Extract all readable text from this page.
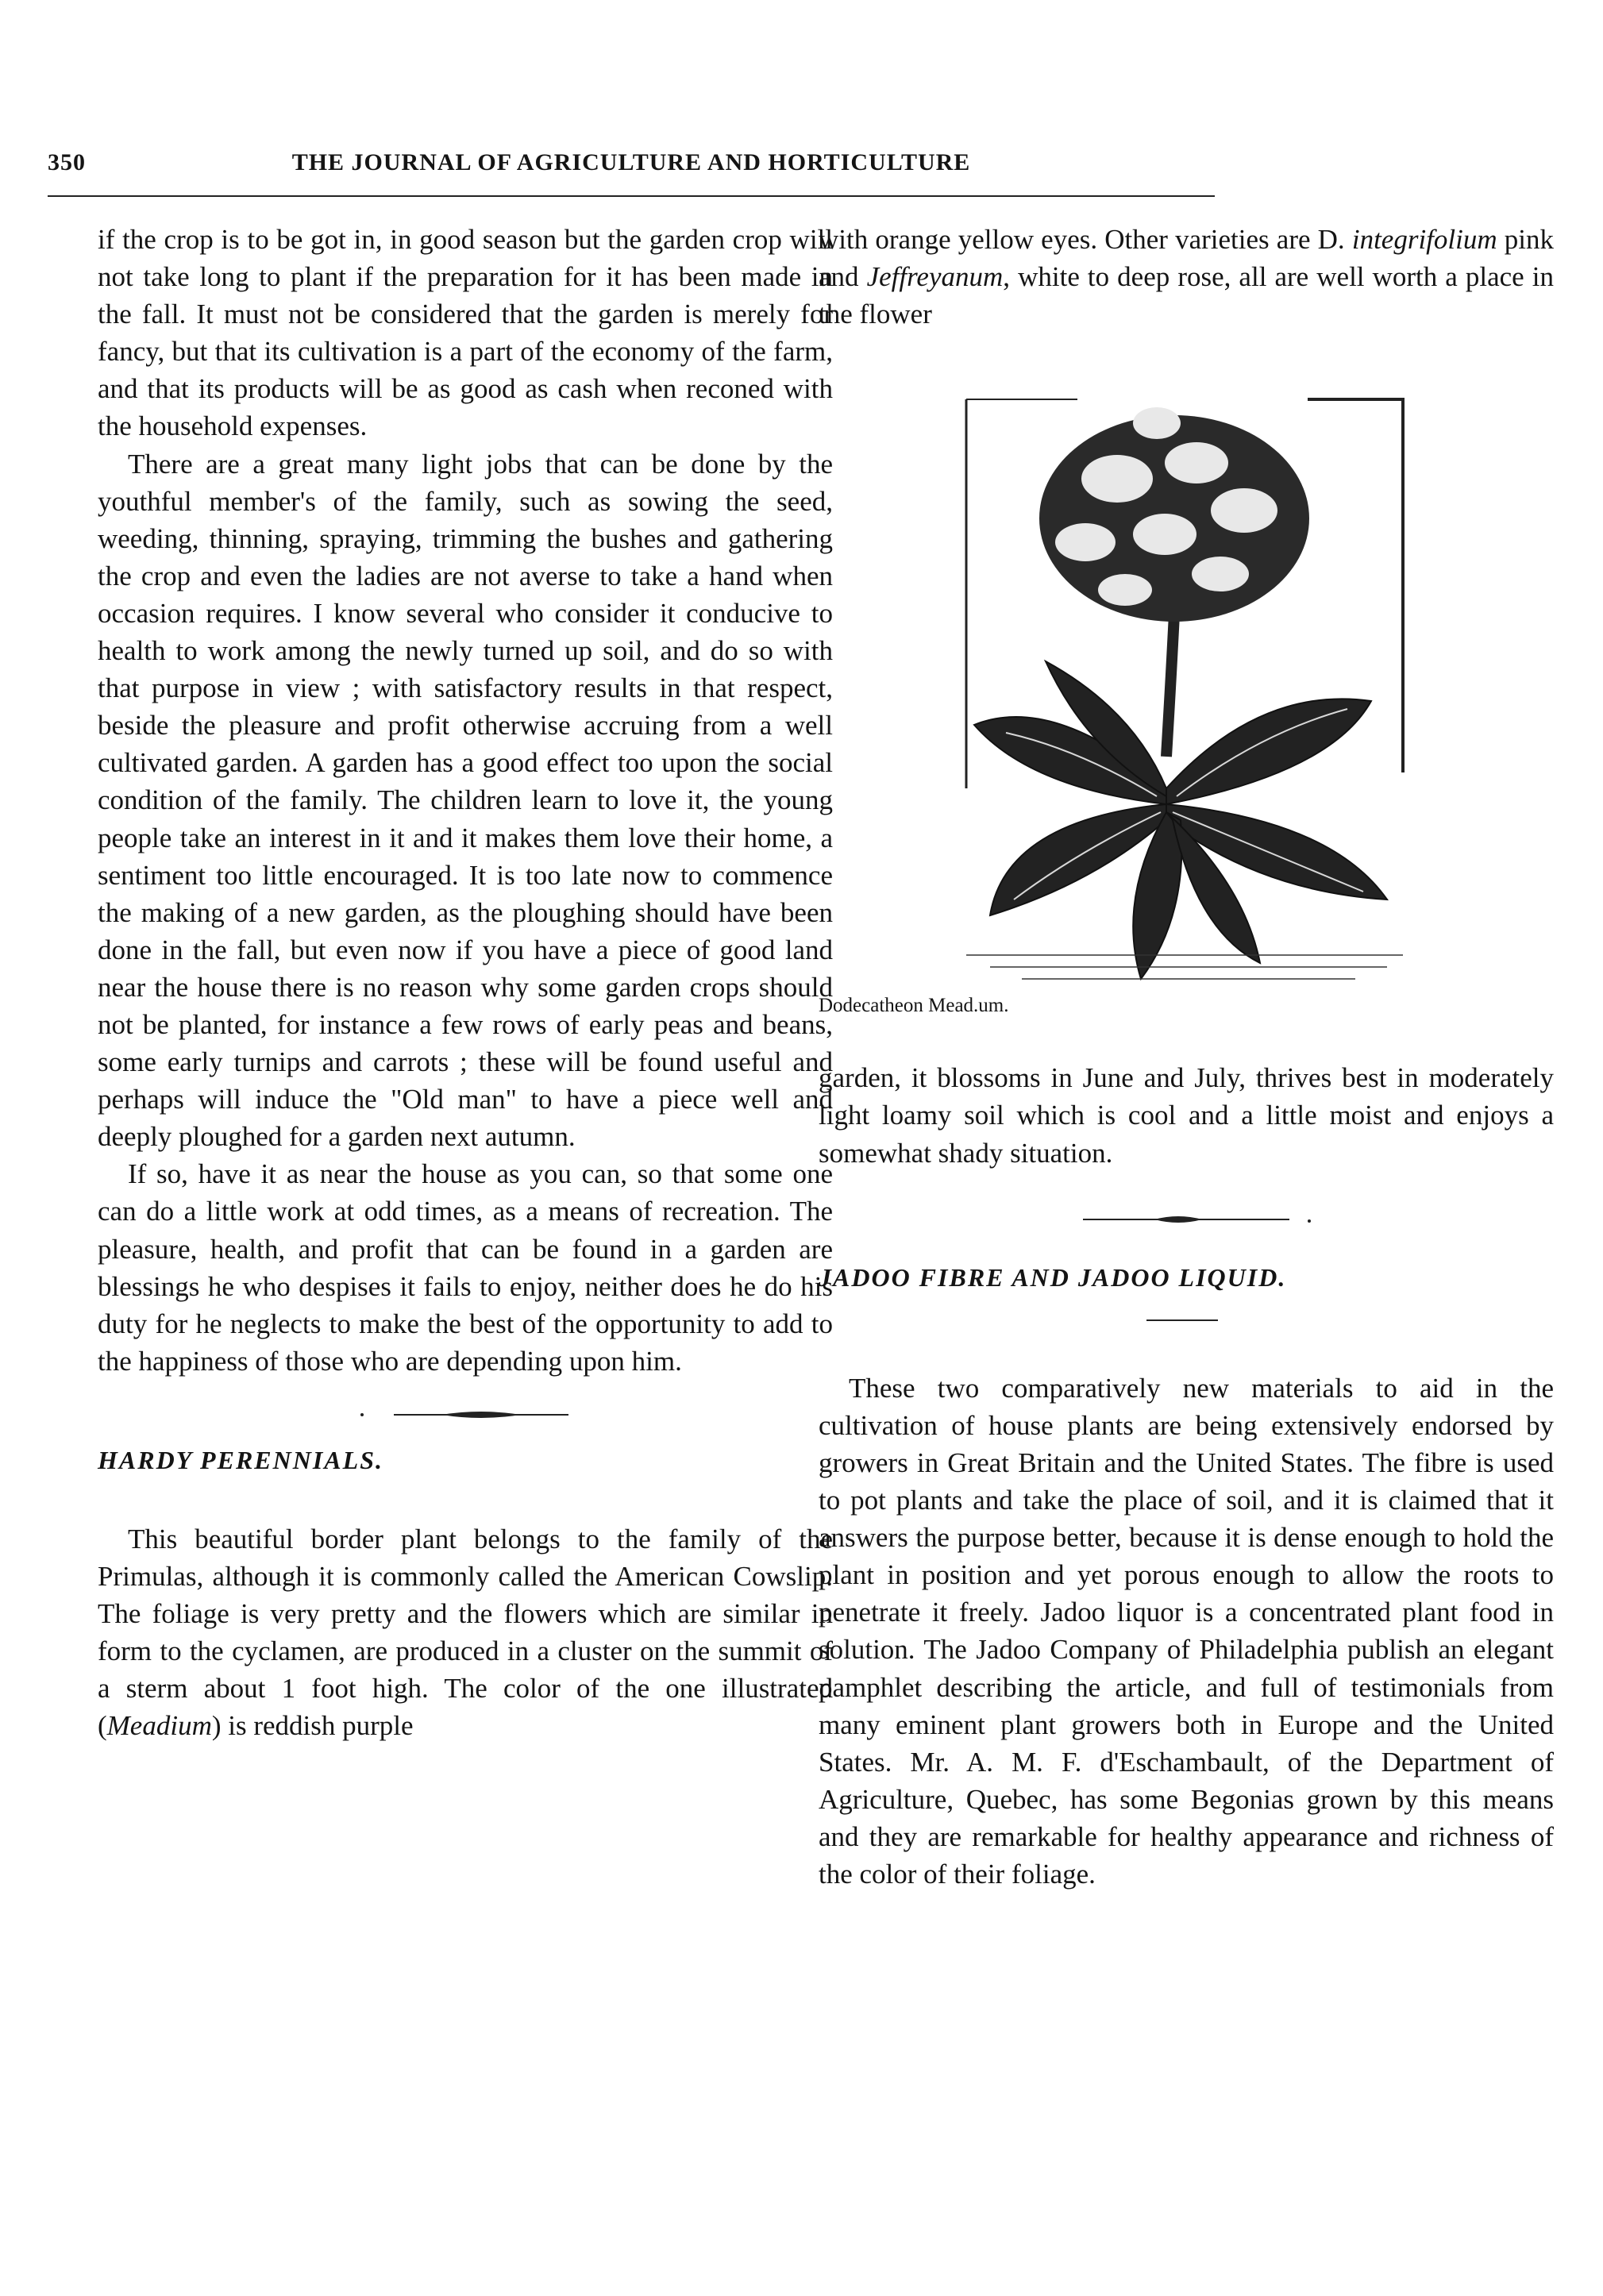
350	THE JOURNAL OF AGRICULTURE AND HORTICULTURE

if the crop is to be got in, in good season but the garden crop will not take long to plant if the preparation for it has been made in the fall. It must not be considered that the garden is merely for fancy, but that its cultivation is a part of the economy of the farm, and that its products will be as good as cash when reconed with the household expenses.

There are a great many light jobs that can be done by the youthful member's of the family, such as sowing the seed, weeding, thinning, spraying, trimming the bushes and gathering the crop and even the ladies are not averse to take a hand when occasion requires. I know several who consider it conducive to health to work among the newly turned up soil, and do so with that purpose in view ; with satisfactory results in that respect, beside the pleasure and profit otherwise accruing from a well cultivated garden. A garden has a good effect too upon the social condition of the family. The children learn to love it, the young people take an interest in it and it makes them love their home, a sentiment too little encouraged. It is too late now to commence the making of a new garden, as the ploughing should have been done in the fall, but even now if you have a piece of good land near the house there is no reason why some garden crops should not be planted, for instance a few rows of early peas and beans, some early turnips and carrots ; these will be found useful and perhaps will induce the "Old man" to have a piece well and deeply ploughed for a garden next autumn.

If so, have it as near the house as you can, so that some one can do a little work at odd times, as a means of recreation. The pleasure, health, and profit that can be found in a garden are blessings he who despises it fails to enjoy, neither does he do his duty for he neglects to make the best of the opportunity to add to the happiness of those who are depending upon him.

HARDY PERENNIALS.

This beautiful border plant belongs to the family of the Primulas, although it is commonly called the American Cowslip. The foliage is very pretty and the flowers which are similar in form to the cyclamen, are produced in a cluster on the summit of a sterm about 1 foot high. The color of the one illustrated (Meadium) is reddish purple

with orange yellow eyes. Other varieties are D. integrifolium pink and Jeffreyanum, white to deep rose, all are well worth a place in the flower

Dodecatheon Mead.um.

garden, it blossoms in June and July, thrives best in moderately light loamy soil which is cool and a little moist and enjoys a somewhat shady situation.

JADOO FIBRE AND JADOO LIQUID.

These two comparatively new materials to aid in the cultivation of house plants are being extensively endorsed by growers in Great Britain and the United States. The fibre is used to pot plants and take the place of soil, and it is claimed that it answers the purpose better, because it is dense enough to hold the plant in position and yet porous enough to allow the roots to penetrate it freely. Jadoo liquor is a concentrated plant food in solution. The Jadoo Company of Philadelphia publish an elegant pamphlet describing the article, and full of testimonials from many eminent plant growers both in Europe and the United States. Mr. A. M. F. d'Eschambault, of the Department of Agriculture, Quebec, has some Begonias grown by this means and they are remarkable for healthy appearance and richness of the color of their foliage.
